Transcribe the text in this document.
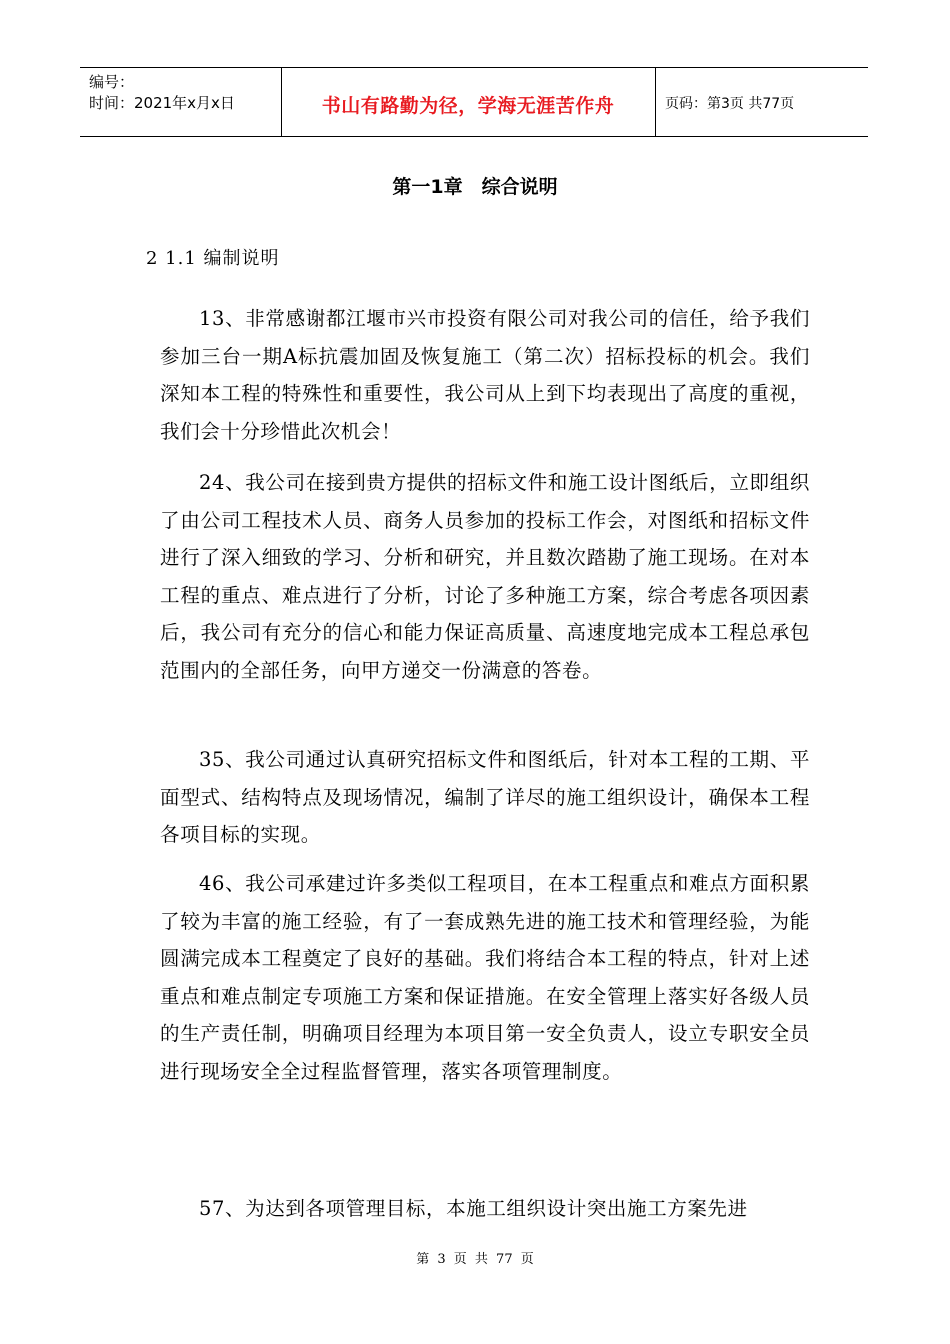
编号：
时间：2021年x月x日	书山有路勤为径，学海无涯苦作舟	页码：第3页 共77页
第一1章　综合说明
2 1.1 编制说明
13、非常感谢都江堰市兴市投资有限公司对我公司的信任，给予我们参加三台一期A标抗震加固及恢复施工（第二次）招标投标的机会。我们深知本工程的特殊性和重要性，我公司从上到下均表现出了高度的重视，我们会十分珍惜此次机会！
24、我公司在接到贵方提供的招标文件和施工设计图纸后，立即组织了由公司工程技术人员、商务人员参加的投标工作会，对图纸和招标文件进行了深入细致的学习、分析和研究，并且数次踏勘了施工现场。在对本工程的重点、难点进行了分析，讨论了多种施工方案，综合考虑各项因素后，我公司有充分的信心和能力保证高质量、高速度地完成本工程总承包范围内的全部任务，向甲方递交一份满意的答卷。
35、我公司通过认真研究招标文件和图纸后，针对本工程的工期、平面型式、结构特点及现场情况，编制了详尽的施工组织设计，确保本工程各项目标的实现。
46、我公司承建过许多类似工程项目，在本工程重点和难点方面积累了较为丰富的施工经验，有了一套成熟先进的施工技术和管理经验，为能圆满完成本工程奠定了良好的基础。我们将结合本工程的特点，针对上述重点和难点制定专项施工方案和保证措施。在安全管理上落实好各级人员的生产责任制，明确项目经理为本项目第一安全负责人，设立专职安全员进行现场安全全过程监督管理，落实各项管理制度。
57、为达到各项管理目标，本施工组织设计突出施工方案先进
第 3 页 共 77 页
